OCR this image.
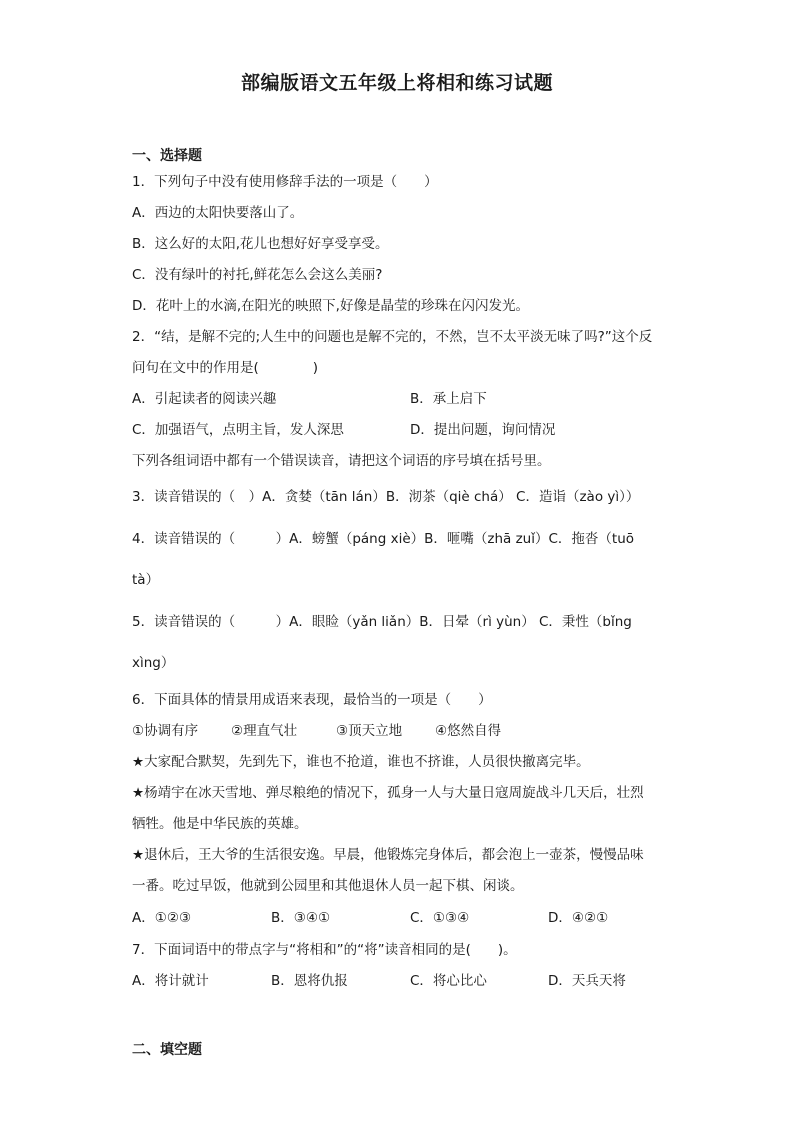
部编版语文五年级上将相和练习试题
一、选择题
1．下列句子中没有使用修辞手法的一项是（　　）
A．西边的太阳快要落山了。
B．这么好的太阳,花儿也想好好享受享受。
C．没有绿叶的衬托,鲜花怎么会这么美丽?
D．花叶上的水滴,在阳光的映照下,好像是晶莹的珍珠在闪闪发光。
2．“结，是解不完的;人生中的问题也是解不完的，不然，岂不太平淡无味了吗?”这个反
问句在文中的作用是(　　　　)
A．引起读者的阅读兴趣	B．承上启下
C．加强语气，点明主旨，发人深思	D．提出问题，询问情况
下列各组词语中都有一个错误读音，请把这个词语的序号填在括号里。
3．读音错误的（　）A．贪婪（tān lán）B．沏茶（qiè chá） C．造诣（zào yì））
4．读音错误的（　　　）A．螃蟹（páng xiè）B．咂嘴（zhā zuǐ）C．拖沓（tuō
tà）
5．读音错误的（　　　）A．眼睑（yǎn liǎn）B．日晕（rì yùn） C．秉性（bǐng
xìng）
6．下面具体的情景用成语来表现，最恰当的一项是（　　）
①协调有序 ②理直气壮	③顶天立地 ④悠然自得
★大家配合默契，先到先下，谁也不抢道，谁也不挤谁，人员很快撤离完毕。
★杨靖宇在冰天雪地、弹尽粮绝的情况下，孤身一人与大量日寇周旋战斗几天后，壮烈
牺牲。他是中华民族的英雄。
★退休后，王大爷的生活很安逸。早晨，他锻炼完身体后，都会泡上一壶茶，慢慢品味
一番。吃过早饭，他就到公园里和其他退休人员一起下棋、闲谈。
A．①②③	B．③④①	C．①③④	D．④②①
7．下面词语中的带点字与“将相和”的“将”读音相同的是(　　)。
A．将计就计	B．恩将仇报	C．将心比心	D．天兵天将
二、填空题
